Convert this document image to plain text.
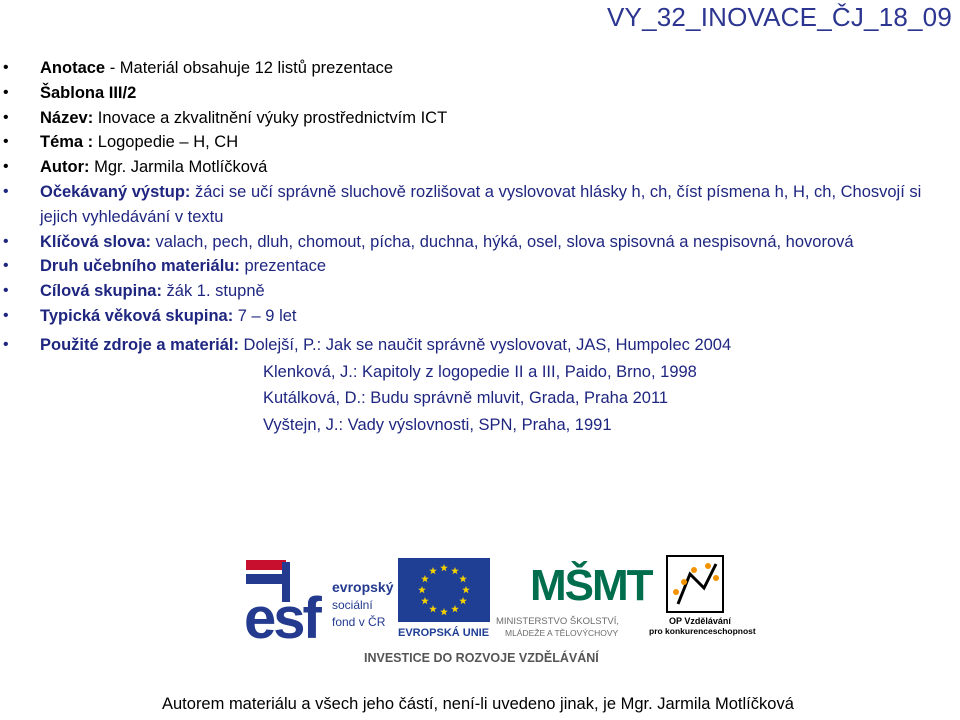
VY_32_INOVACE_ČJ_18_09
• Anotace - Materiál obsahuje 12 listů prezentace
• Šablona III/2
• Název: Inovace a zkvalitnění výuky prostřednictvím ICT
• Téma : Logopedie – H, CH
• Autor: Mgr. Jarmila Motlíčková
• Očekávaný výstup: žáci se učí správně sluchově rozlišovat a vyslovovat hlásky h, ch, číst písmena h, H, ch, Chosvojí si jejich vyhledávání v textu
• Klíčová slova: valach, pech, dluh, chomout, pícha, duchna, hýká, osel, slova spisovná a nespisovná, hovorová
• Druh učebního materiálu: prezentace
• Cílová skupina: žák 1. stupně
• Typická věková skupina: 7 – 9 let
• Použité zdroje a materiál: Dolejší, P.: Jak se naučit správně vyslovovat, JAS, Humpolec 2004
Klenková, J.: Kapitoly z logopedie II a III, Paido, Brno, 1998
Kutálková, D.: Budu správně mluvit, Grada, Praha 2011
Vyštejn, J.: Vady výslovnosti, SPN, Praha, 1991
esf evropský
sociální
fond v ČR
EVROPSKÁ UNIE
MŠMT
MINISTERSTVO ŠKOLSTVÍ,
MLÁDEŽE A TĚLOVÝCHOVY
OP Vzdělávání
pro konkurenceschopnost
INVESTICE DO ROZVOJE VZDĚLÁVÁNÍ
Autorem materiálu a všech jeho částí, není-li uvedeno jinak, je Mgr. Jarmila Motlíčková
